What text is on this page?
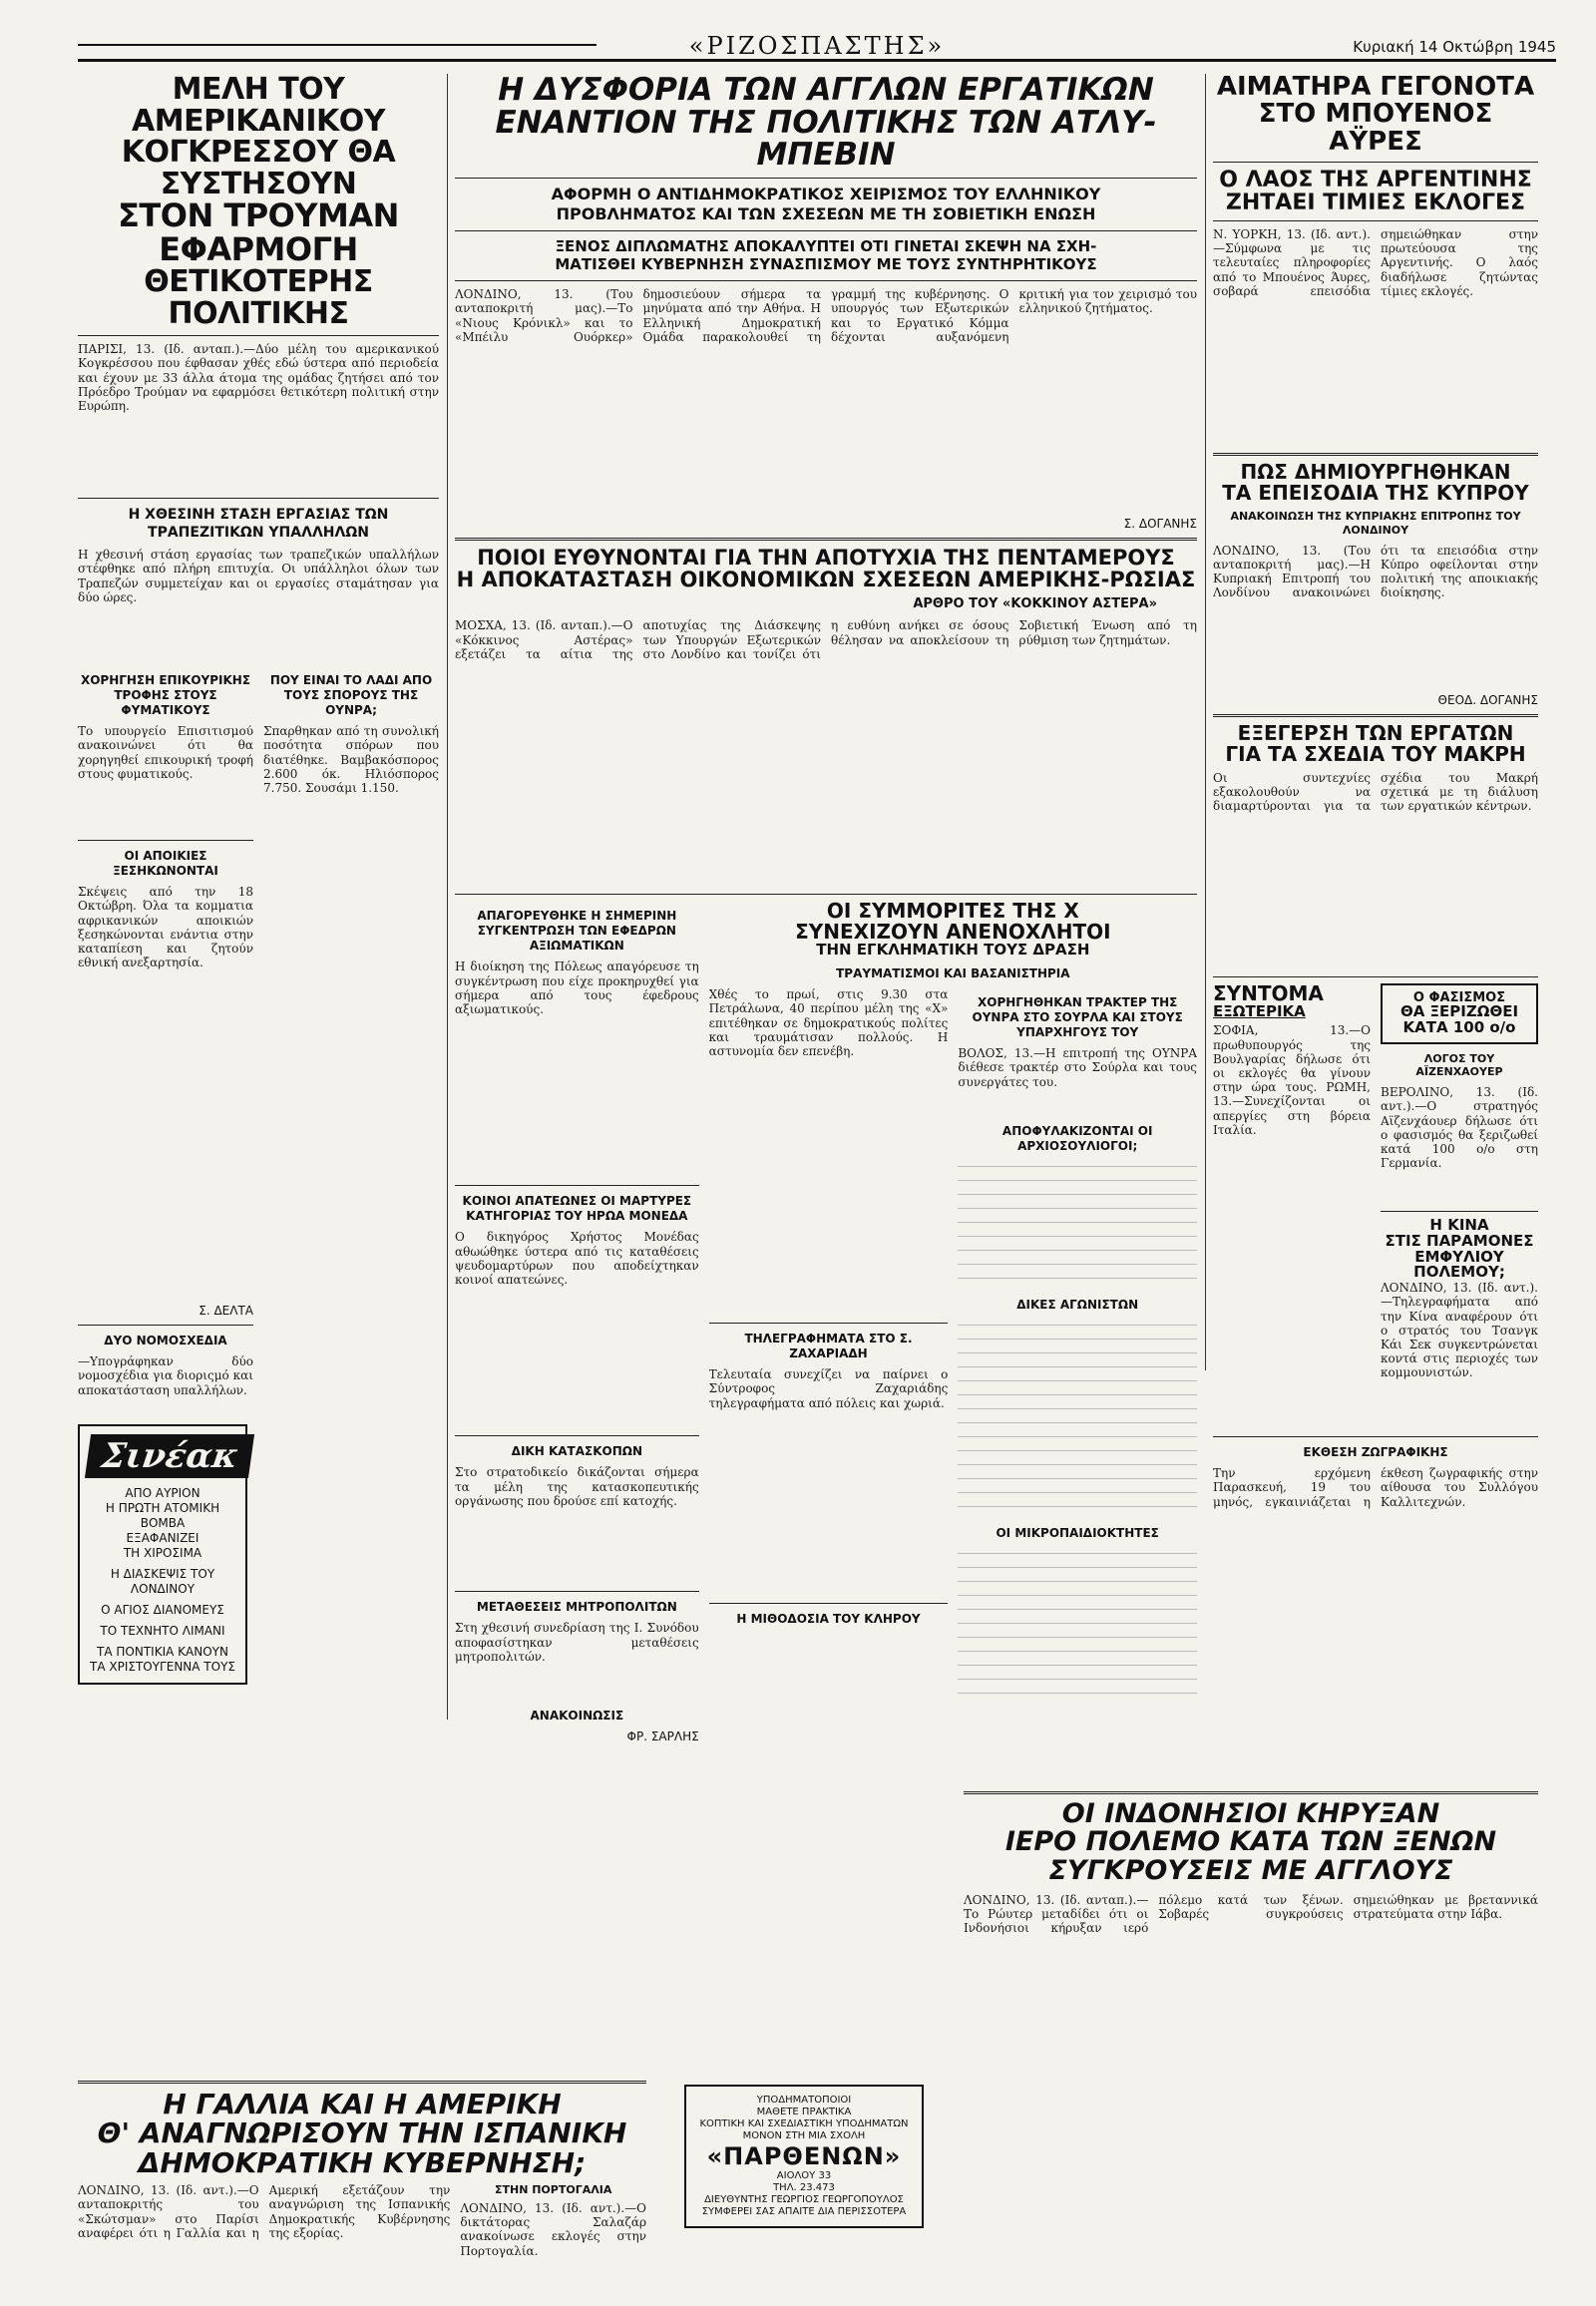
«ΡΙΖΟΣΠΑΣΤΗΣ»	Κυριακή 14 Οκτώβρη 1945
ΜΕΛΗ ΤΟΥ ΑΜΕΡΙΚΑΝΙΚΟΥ
ΚΟΓΚΡΕΣΣΟΥ ΘΑ ΣΥΣΤΗΣΟΥΝ
ΣΤΟΝ ΤΡΟΥΜΑΝ ΕΦΑΡΜΟΓΗ
ΘΕΤΙΚΟΤΕΡΗΣ ΠΟΛΙΤΙΚΗΣ
ΠΑΡΙΣΙ, 13. (Ιδ. ανταπ.).—Δύο μέλη του αμερικανικού Κογκρέσσου που έφθασαν χθές εδώ ύστερα από περιοδεία και έχουν με 33 άλλα άτομα της ομάδας ζητήσει από τον Πρόεδρο Τρούμαν να εφαρμόσει θετικότερη πολιτική στην Ευρώπη.
Η ΧΘΕΣΙΝΗ ΣΤΑΣΗ ΕΡΓΑΣΙΑΣ ΤΩΝ ΤΡΑΠΕΖΙΤΙΚΩΝ ΥΠΑΛΛΗΛΩΝ
Η χθεσινή στάση εργασίας των τραπεζικών υπαλλήλων στέφθηκε από πλήρη επιτυχία. Οι υπάλληλοι όλων των Τραπεζών συμμετείχαν και οι εργασίες σταμάτησαν για δύο ώρες.
ΧΟΡΗΓΗΣΗ ΕΠΙΚΟΥΡΙΚΗΣ ΤΡΟΦΗΣ ΣΤΟΥΣ ΦΥΜΑΤΙΚΟΥΣ
Το υπουργείο Επισιτισμού ανακοινώνει ότι θα χορηγηθεί επικουρική τροφή στους φυματικούς.
ΟΙ ΑΠΟΙΚΙΕΣ ΞΕΣΗΚΩΝΟΝΤΑΙ
Σκέψεις από την 18 Οκτώβρη. Όλα τα κομματια αφρικανικών αποικιών ξεσηκώνονται ενάντια στην καταπίεση και ζητούν εθνική ανεξαρτησία.
Σ. ΔΕΛΤΑ
ΔΥΟ ΝΟΜΟΣΧΕΔΙΑ
—Υπογράφηκαν δύο νομοσχέδια για διοριςμό και αποκατάσταση υπαλλήλων.
ΠΟΥ ΕΙΝΑΙ ΤΟ ΛΑΔΙ ΑΠΟ ΤΟΥΣ ΣΠΟΡΟΥΣ ΤΗΣ ΟΥΝΡΑ;
Σπαρθηκαν από τη συνολική ποσότητα σπόρων που διατέθηκε. Βαμβακόσπορος 2.600 όκ. Ηλιόσπορος 7.750. Σουσάμι 1.150.
Σινέακ
ΑΠΟ ΑΥΡΙΟΝ
Η ΠΡΩΤΗ ΑΤΟΜΙΚΗ ΒΟΜΒΑ
ΕΞΑΦΑΝΙΖΕΙ
ΤΗ ΧΙΡΟΣΙΜΑ
Η ΔΙΑΣΚΕΨΙΣ ΤΟΥ ΛΟΝΔΙΝΟΥ
Ο ΑΓΙΟΣ ΔΙΑΝΟΜΕΥΣ
ΤΟ ΤΕΧΝΗΤΟ ΛΙΜΑΝΙ
ΤΑ ΠΟΝΤΙΚΙΑ ΚΑΝΟΥΝ ΤΑ ΧΡΙΣΤΟΥΓΕΝΝΑ ΤΟΥΣ
Η ΔΥΣΦΟΡΙΑ ΤΩΝ ΑΓΓΛΩΝ ΕΡΓΑΤΙΚΩΝ
ΕΝΑΝΤΙΟΝ ΤΗΣ ΠΟΛΙΤΙΚΗΣ ΤΩΝ ΑΤΛΥ-ΜΠΕΒΙΝ
ΑΦΟΡΜΗ Ο ΑΝΤΙΔΗΜΟΚΡΑΤΙΚΟΣ ΧΕΙΡΙΣΜΟΣ ΤΟΥ ΕΛΛΗΝΙΚΟΥ
ΠΡΟΒΛΗΜΑΤΟΣ ΚΑΙ ΤΩΝ ΣΧΕΣΕΩΝ ΜΕ ΤΗ ΣΟΒΙΕΤΙΚΗ ΕΝΩΣΗ
ΞΕΝΟΣ ΔΙΠΛΩΜΑΤΗΣ ΑΠΟΚΑΛΥΠΤΕΙ ΟΤΙ ΓΙΝΕΤΑΙ ΣΚΕΨΗ ΝΑ ΣΧΗ-
ΜΑΤΙΣΘΕΙ ΚΥΒΕΡΝΗΣΗ ΣΥΝΑΣΠΙΣΜΟΥ ΜΕ ΤΟΥΣ ΣΥΝΤΗΡΗΤΙΚΟΥΣ
ΛΟΝΔΙΝΟ, 13. (Του ανταποκριτή μας).—Το «Νιους Κρόνικλ» και το «Μπέιλυ Ουόρκερ» δημοσιεύουν σήμερα τα μηνύματα από την Αθήνα. Η Ελληνική Δημοκρατική Ομάδα παρακολουθεί τη γραμμή της κυβέρνησης. Ο υπουργός των Εξωτερικών και το Εργατικό Κόμμα δέχονται αυξανόμενη κριτική για τον χειρισμό του ελληνικού ζητήματος.
Σ. ΔΟΓΑΝΗΣ
ΠΟΙΟΙ ΕΥΘΥΝΟΝΤΑΙ ΓΙΑ ΤΗΝ ΑΠΟΤΥΧΙΑ ΤΗΣ ΠΕΝΤΑΜΕΡΟΥΣ
Η ΑΠΟΚΑΤΑΣΤΑΣΗ ΟΙΚΟΝΟΜΙΚΩΝ ΣΧΕΣΕΩΝ ΑΜΕΡΙΚΗΣ-ΡΩΣΙΑΣ
ΑΡΘΡΟ ΤΟΥ «ΚΟΚΚΙΝΟΥ ΑΣΤΕΡΑ»
ΜΟΣΧΑ, 13. (Ιδ. ανταπ.).—Ο «Κόκκινος Αστέρας» εξετάζει τα αίτια της αποτυχίας της Διάσκεψης των Υπουργών Εξωτερικών στο Λονδίνο και τονίζει ότι η ευθύνη ανήκει σε όσους θέλησαν να αποκλείσουν τη Σοβιετική Ένωση από τη ρύθμιση των ζητημάτων.
ΑΠΑΓΟΡΕΥΘΗΚΕ Η ΣΗΜΕΡΙΝΗ ΣΥΓΚΕΝΤΡΩΣΗ ΤΩΝ ΕΦΕΔΡΩΝ ΑΞΙΩΜΑΤΙΚΩΝ
Η διοίκηση της Πόλεως απαγόρευσε τη συγκέντρωση που είχε προκηρυχθεί για σήμερα από τους έφεδρους αξιωματικούς.
ΚΟΙΝΟΙ ΑΠΑΤΕΩΝΕΣ ΟΙ ΜΑΡΤΥΡΕΣ ΚΑΤΗΓΟΡΙΑΣ ΤΟΥ ΗΡΩΑ ΜΟΝΕΔΑ
Ο δικηγόρος Χρήστος Μονέδας αθωώθηκε ύστερα από τις καταθέσεις ψευδομαρτύρων που αποδείχτηκαν κοινοί απατεώνες.
ΔΙΚΗ ΚΑΤΑΣΚΟΠΩΝ
Στο στρατοδικείο δικάζονται σήμερα τα μέλη της κατασκοπευτικής οργάνωσης που δρούσε επί κατοχής.
ΜΕΤΑΘΕΣΕΙΣ ΜΗΤΡΟΠΟΛΙΤΩΝ
Στη χθεσινή συνεδρίαση της Ι. Συνόδου αποφασίστηκαν μεταθέσεις μητροπολιτών.
ΑΝΑΚΟΙΝΩΣΙΣ
ΦΡ. ΣΑΡΛΗΣ
ΟΙ ΣΥΜΜΟΡΙΤΕΣ ΤΗΣ Χ
ΣΥΝΕΧΙΖΟΥΝ ΑΝΕΝΟΧΛΗΤΟΙ
ΤΗΝ ΕΓΚΛΗΜΑΤΙΚΗ ΤΟΥΣ ΔΡΑΣΗ
ΤΡΑΥΜΑΤΙΣΜΟΙ ΚΑΙ ΒΑΣΑΝΙΣΤΗΡΙΑ
Χθές το πρωί, στις 9.30 στα Πετράλωνα, 40 περίπου μέλη της «Χ» επιτέθηκαν σε δημοκρατικούς πολίτες και τραυμάτισαν πολλούς. Η αστυνομία δεν επενέβη.
ΤΗΛΕΓΡΑΦΗΜΑΤΑ ΣΤΟ Σ. ΖΑΧΑΡΙΑΔΗ
Τελευταία συνεχίζει να παίρνει ο Σύντροφος Ζαχαριάδης τηλεγραφήματα από πόλεις και χωριά.
Η ΜΙΘΟΔΟΣΙΑ ΤΟΥ ΚΛΗΡΟΥ
ΧΟΡΗΓΗΘΗΚΑΝ ΤΡΑΚΤΕΡ ΤΗΣ ΟΥΝΡΑ ΣΤΟ ΣΟΥΡΛΑ ΚΑΙ ΣΤΟΥΣ ΥΠΑΡΧΗΓΟΥΣ ΤΟΥ
ΒΟΛΟΣ, 13.—Η επιτροπή της ΟΥΝΡΑ διέθεσε τρακτέρ στο Σούρλα και τους συνεργάτες του.
ΑΠΟΦΥΛΑΚΙΖΟΝΤΑΙ ΟΙ ΑΡΧΙΟΣΟΥΛΙΟΓΟΙ;
ΔΙΚΕΣ ΑΓΩΝΙΣΤΩΝ
ΟΙ ΜΙΚΡΟΠΑΙΔΙΟΚΤΗΤΕΣ
ΑΙΜΑΤΗΡΑ ΓΕΓΟΝΟΤΑ
ΣΤΟ ΜΠΟΥΕΝΟΣ ΑΫΡΕΣ
Ο ΛΑΟΣ ΤΗΣ ΑΡΓΕΝΤΙΝΗΣ
ΖΗΤΑΕΙ ΤΙΜΙΕΣ ΕΚΛΟΓΕΣ
Ν. ΥΟΡΚΗ, 13. (Ιδ. αντ.).—Σύμφωνα με τις τελευταίες πληροφορίες από το Μπουένος Άυρες, σοβαρά επεισόδια σημειώθηκαν στην πρωτεύουσα της Αργεντινής. Ο λαός διαδήλωσε ζητώντας τίμιες εκλογές.
ΠΩΣ ΔΗΜΙΟΥΡΓΗΘΗΚΑΝ
ΤΑ ΕΠΕΙΣΟΔΙΑ ΤΗΣ ΚΥΠΡΟΥ
ΑΝΑΚΟΙΝΩΣΗ ΤΗΣ ΚΥΠΡΙΑΚΗΣ ΕΠΙΤΡΟΠΗΣ ΤΟΥ ΛΟΝΔΙΝΟΥ
ΛΟΝΔΙΝΟ, 13. (Του ανταποκριτή μας).—Η Κυπριακή Επιτροπή του Λονδίνου ανακοινώνει ότι τα επεισόδια στην Κύπρο οφείλονται στην πολιτική της αποικιακής διοίκησης.
ΘΕΟΔ. ΔΟΓΑΝΗΣ
ΕΞΕΓΕΡΣΗ ΤΩΝ ΕΡΓΑΤΩΝ
ΓΙΑ ΤΑ ΣΧΕΔΙΑ ΤΟΥ ΜΑΚΡΗ
Οι συντεχνίες εξακολουθούν να διαμαρτύρονται για τα σχέδια του Μακρή σχετικά με τη διάλυση των εργατικών κέντρων.
ΣΥΝΤΟΜΑ
ΕΞΩΤΕΡΙΚΑ
ΣΟΦΙΑ, 13.—Ο πρωθυπουργός της Βουλγαρίας δήλωσε ότι οι εκλογές θα γίνουν στην ώρα τους. ΡΩΜΗ, 13.—Συνεχίζονται οι απεργίες στη βόρεια Ιταλία.
Ο ΦΑΣΙΣΜΟΣ
ΘΑ ΞΕΡΙΖΩΘΕΙ
ΚΑΤΑ 100 ο/ο
ΛΟΓΟΣ ΤΟΥ ΑΪΖΕΝΧΑΟΥΕΡ
ΒΕΡΟΛΙΝΟ, 13. (Ιδ. αντ.).—Ο στρατηγός Αϊζενχάουερ δήλωσε ότι ο φασισμός θα ξεριζωθεί κατά 100 ο/ο στη Γερμανία.
Η ΚΙΝΑ
ΣΤΙΣ ΠΑΡΑΜΟΝΕΣ
ΕΜΦΥΛΙΟΥ ΠΟΛΕΜΟΥ;
ΛΟΝΔΙΝΟ, 13. (Ιδ. αντ.).—Τηλεγραφήματα από την Κίνα αναφέρουν ότι ο στρατός του Τσανγκ Κάι Σεκ συγκεντρώνεται κοντά στις περιοχές των κομμουνιστών.
ΕΚΘΕΣΗ ΖΩΓΡΑΦΙΚΗΣ
Την ερχόμενη Παρασκευή, 19 του μηνός, εγκαινιάζεται η έκθεση ζωγραφικής στην αίθουσα του Συλλόγου Καλλιτεχνών.
ΥΠΟΔΗΜΑΤΟΠΟΙΟΙ
ΜΑΘΕΤΕ ΠΡΑΚΤΙΚΑ
ΚΟΠΤΙΚΗ ΚΑΙ ΣΧΕΔΙΑΣΤΙΚΗ ΥΠΟΔΗΜΑΤΩΝ
ΜΟΝΟΝ ΣΤΗ ΜΙΑ ΣΧΟΛΗ
«ΠΑΡΘΕΝΩΝ»
ΑΙΟΛΟΥ 33
ΤΗΛ. 23.473
ΔΙΕΥΘΥΝΤΗΣ ΓΕΩΡΓΙΟΣ ΓΕΩΡΓΟΠΟΥΛΟΣ
ΣΥΜΦΕΡΕΙ ΣΑΣ ΑΠΑΙΤΕ ΔΙΑ ΠΕΡΙΣΣΟΤΕΡΑ
Η ΓΑΛΛΙΑ ΚΑΙ Η ΑΜΕΡΙΚΗ
Θ' ΑΝΑΓΝΩΡΙΣΟΥΝ ΤΗΝ ΙΣΠΑΝΙΚΗ
ΔΗΜΟΚΡΑΤΙΚΗ ΚΥΒΕΡΝΗΣΗ;
ΛΟΝΔΙΝΟ, 13. (Ιδ. αντ.).—Ο ανταποκριτής του «Σκώτσμαν» στο Παρίσι αναφέρει ότι η Γαλλία και η Αμερική εξετάζουν την αναγνώριση της Ισπανικής Δημοκρατικής Κυβέρνησης της εξορίας.
ΣΤΗΝ ΠΟΡΤΟΓΑΛΙΑ
ΛΟΝΔΙΝΟ, 13. (Ιδ. αντ.).—Ο δικτάτορας Σαλαζάρ ανακοίνωσε εκλογές στην Πορτογαλία.
ΟΙ ΙΝΔΟΝΗΣΙΟΙ ΚΗΡΥΞΑΝ
ΙΕΡΟ ΠΟΛΕΜΟ ΚΑΤΑ ΤΩΝ ΞΕΝΩΝ
ΣΥΓΚΡΟΥΣΕΙΣ ΜΕ ΑΓΓΛΟΥΣ
ΛΟΝΔΙΝΟ, 13. (Ιδ. ανταπ.).—Το Ρώυτερ μεταδίδει ότι οι Ινδονήσιοι κήρυξαν ιερό πόλεμο κατά των ξένων. Σοβαρές συγκρούσεις σημειώθηκαν με βρεταννικά στρατεύματα στην Ιάβα.
